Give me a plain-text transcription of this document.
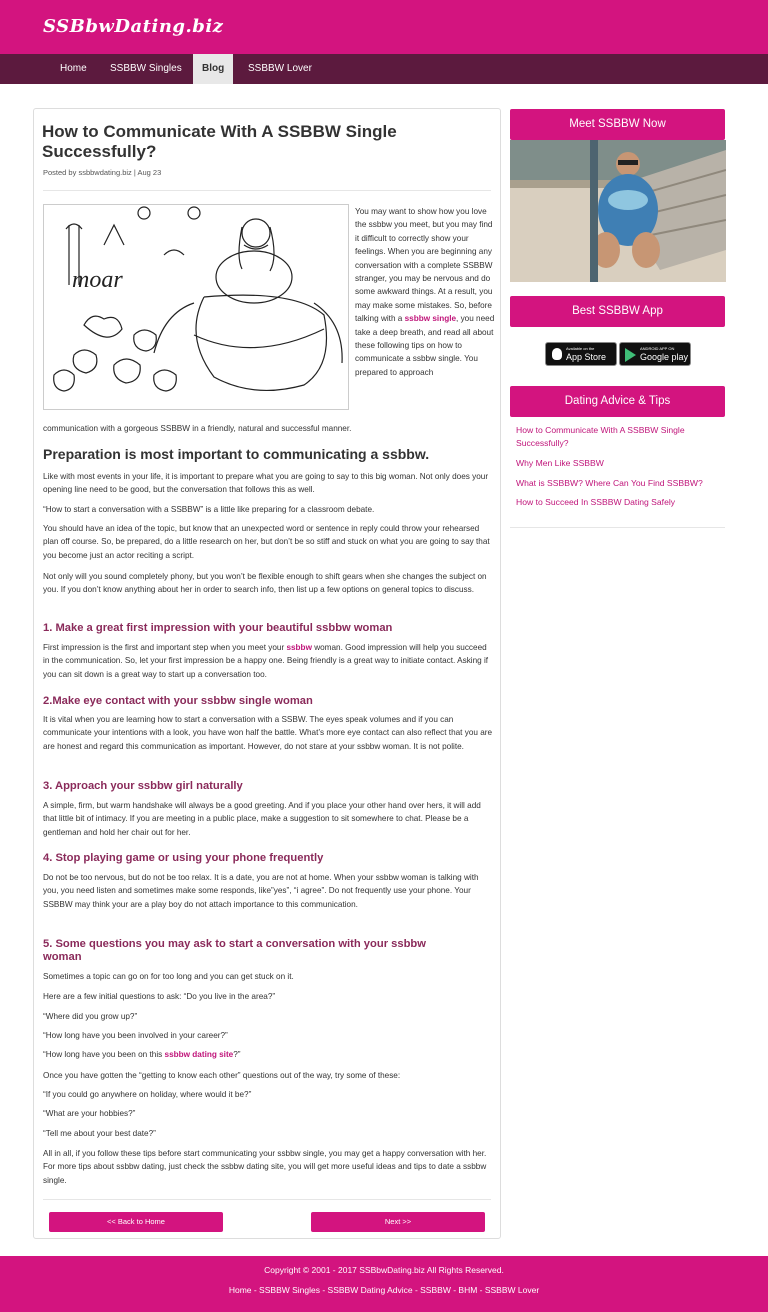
SSBbwDating.biz
Home	SSBBW Singles	Blog	SSBBW Lover
How to Communicate With A SSBBW Single Successfully?
Posted by ssbbwdating.biz | Aug 23
moar

You may want to show how you love the ssbbw you meet, but you may find it difficult to correctly show your feelings. When you are beginning any conversation with a complete SSBBW stranger, you may be nervous and do some awkward things. At a result, you may make some mistakes. So, before talking with a ssbbw single, you need take a deep breath, and read all about these following tips on how to communicate a ssbbw single. You prepared to approach

communication with a gorgeous SSBBW in a friendly, natural and successful manner.

Preparation is most important to communicating a ssbbw.

Like with most events in your life, it is important to prepare what you are going to say to this big woman. Not only does your opening line need to be good, but the conversation that follows this as well.

“How to start a conversation with a SSBBW” is a little like preparing for a classroom debate.

You should have an idea of the topic, but know that an unexpected word or sentence in reply could throw your rehearsed plan off course. So, be prepared, do a little research on her, but don’t be so stiff and stuck on what you are going to say that you become just an actor reciting a script.

Not only will you sound completely phony, but you won’t be flexible enough to shift gears when she changes the subject on you. If you don’t know anything about her in order to search info, then list up a few options on general topics to discuss.

1. Make a great first impression with your beautiful ssbbw woman

First impression is the first and important step when you meet your ssbbw woman. Good impression will help you succeed in the communication. So, let your first impression be a happy one. Being friendly is a great way to initiate contact. Asking if you can sit down is a great way to start up a conversation too.

2.Make eye contact with your ssbbw single woman

It is vital when you are learning how to start a conversation with a SSBW. The eyes speak volumes and if you can communicate your intentions with a look, you have won half the battle. What’s more eye contact can also reflect that you are are honest and regard this communication as important. However, do not stare at your ssbbw woman. It is not polite.

3. Approach your ssbbw girl naturally

A simple, firm, but warm handshake will always be a good greeting. And if you place your other hand over hers, it will add that little bit of intimacy. If you are meeting in a public place, make a suggestion to sit somewhere to chat. Please be a gentleman and hold her chair out for her.

4. Stop playing game or using your phone frequently

Do not be too nervous, but do not be too relax. It is a date, you are not at home. When your ssbbw woman is talking with you, you need listen and sometimes make some responds, like”yes”, “i agree”. Do not frequently use your phone. Your SSBBW may think your are a play boy do not attach importance to this communication.

5. Some questions you may ask to start a conversation with your ssbbw woman

Sometimes a topic can go on for too long and you can get stuck on it.

Here are a few initial questions to ask: “Do you live in the area?”

“Where did you grow up?”

“How long have you been involved in your career?”

“How long have you been on this ssbbw dating site?”

Once you have gotten the “getting to know each other” questions out of the way, try some of these:

“If you could go anywhere on holiday, where would it be?”

“What are your hobbies?”

“Tell me about your best date?”

All in all, if you follow these tips before start communicating your ssbbw single, you may get a happy conversation with her. For more tips about ssbbw dating, just check the ssbbw dating site, you will get more useful ideas and tips to date a ssbbw single.

<< Back to Home	Next >>
Meet SSBBW Now
Best SSBBW App
Available on the
App Store
ANDROID APP ON
Google play
Dating Advice & Tips
How to Communicate With A SSBBW Single Successfully?
Why Men Like SSBBW
What is SSBBW? Where Can You Find SSBBW?
How to Succeed In SSBBW Dating Safely
Copyright © 2001 - 2017 SSBbwDating.biz All Rights Reserved.
Home - SSBBW Singles - SSBBW Dating Advice - SSBBW - BHM - SSBBW Lover
